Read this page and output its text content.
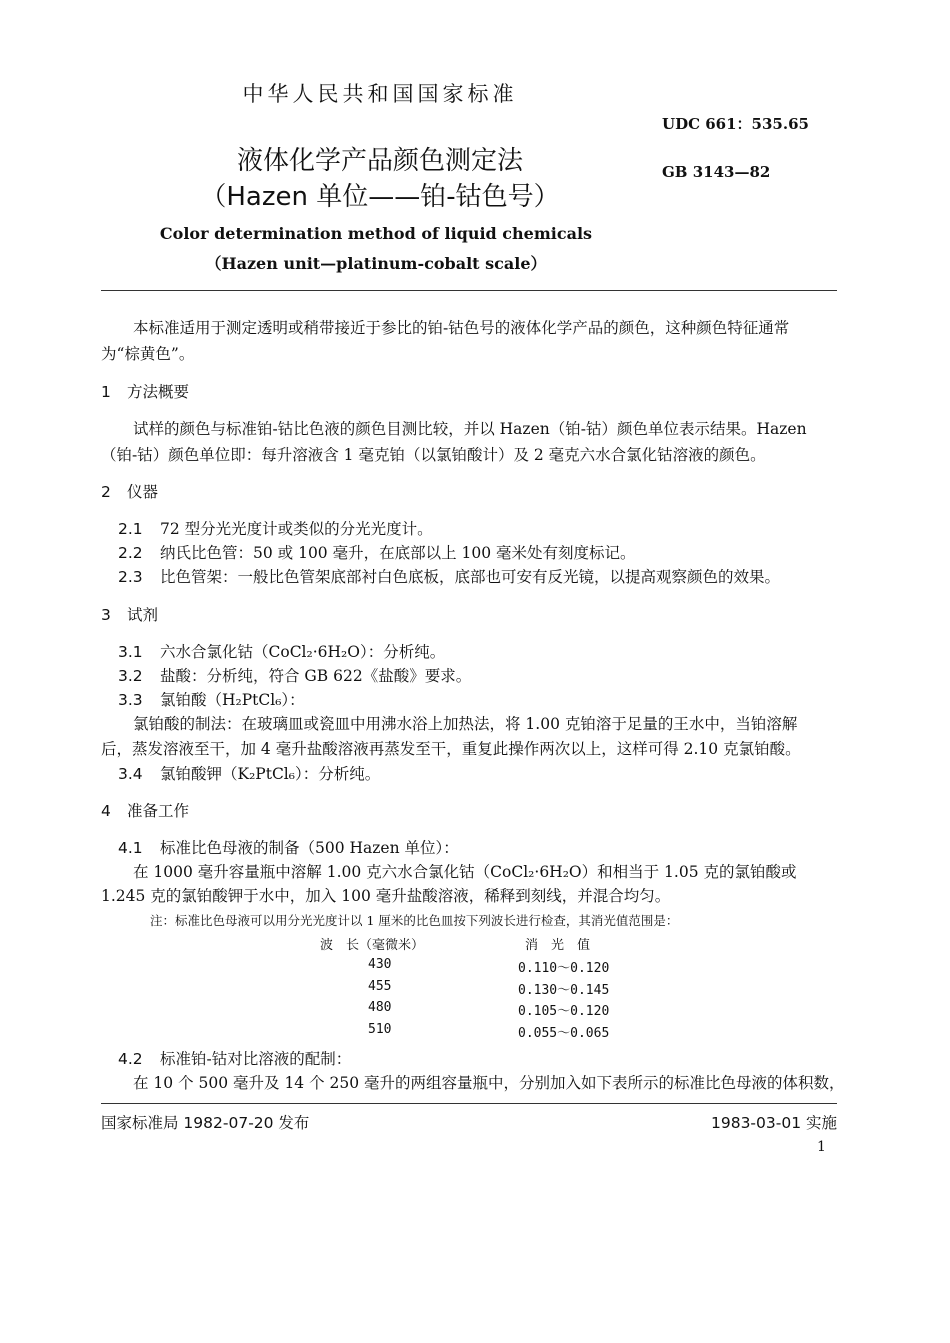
中华人民共和国国家标准
UDC 661：535.65
液体化学产品颜色测定法	GB 3143—82
（Hazen 单位——铂-钴色号）
Color determination method of liquid chemicals
（Hazen unit—platinum-cobalt scale）
本标准适用于测定透明或稍带接近于参比的铂-钴色号的液体化学产品的颜色，这种颜色特征通常
为“棕黄色”。
1 方法概要
试样的颜色与标准铂-钴比色液的颜色目测比较，并以 Hazen（铂-钴）颜色单位表示结果。Hazen
（铂-钴）颜色单位即：每升溶液含 1 毫克铂（以氯铂酸计）及 2 毫克六水合氯化钴溶液的颜色。
2 仪器
2.1 72 型分光光度计或类似的分光光度计。
2.2 纳氏比色管：50 或 100 毫升，在底部以上 100 毫米处有刻度标记。
2.3 比色管架：一般比色管架底部衬白色底板，底部也可安有反光镜，以提高观察颜色的效果。
3 试剂
3.1 六水合氯化钴（CoCl₂·6H₂O）：分析纯。
3.2 盐酸：分析纯，符合 GB 622《盐酸》要求。
3.3 氯铂酸（H₂PtCl₆）：
氯铂酸的制法：在玻璃皿或瓷皿中用沸水浴上加热法，将 1.00 克铂溶于足量的王水中，当铂溶解
后，蒸发溶液至干，加 4 毫升盐酸溶液再蒸发至干，重复此操作两次以上，这样可得 2.10 克氯铂酸。
3.4 氯铂酸钾（K₂PtCl₆）：分析纯。
4 准备工作
4.1 标准比色母液的制备（500 Hazen 单位）：
在 1000 毫升容量瓶中溶解 1.00 克六水合氯化钴（CoCl₂·6H₂O）和相当于 1.05 克的氯铂酸或
1.245 克的氯铂酸钾于水中，加入 100 毫升盐酸溶液，稀释到刻线，并混合均匀。
注：标准比色母液可以用分光光度计以 1 厘米的比色皿按下列波长进行检查，其消光值范围是：
波　长（毫微米）	消　光　值
430	0.110～0.120
455	0.130～0.145
480	0.105～0.120
510	0.055～0.065
4.2 标准铂-钴对比溶液的配制：
在 10 个 500 毫升及 14 个 250 毫升的两组容量瓶中，分别加入如下表所示的标准比色母液的体积数，
国家标准局 1982-07-20 发布	1983-03-01 实施
1
